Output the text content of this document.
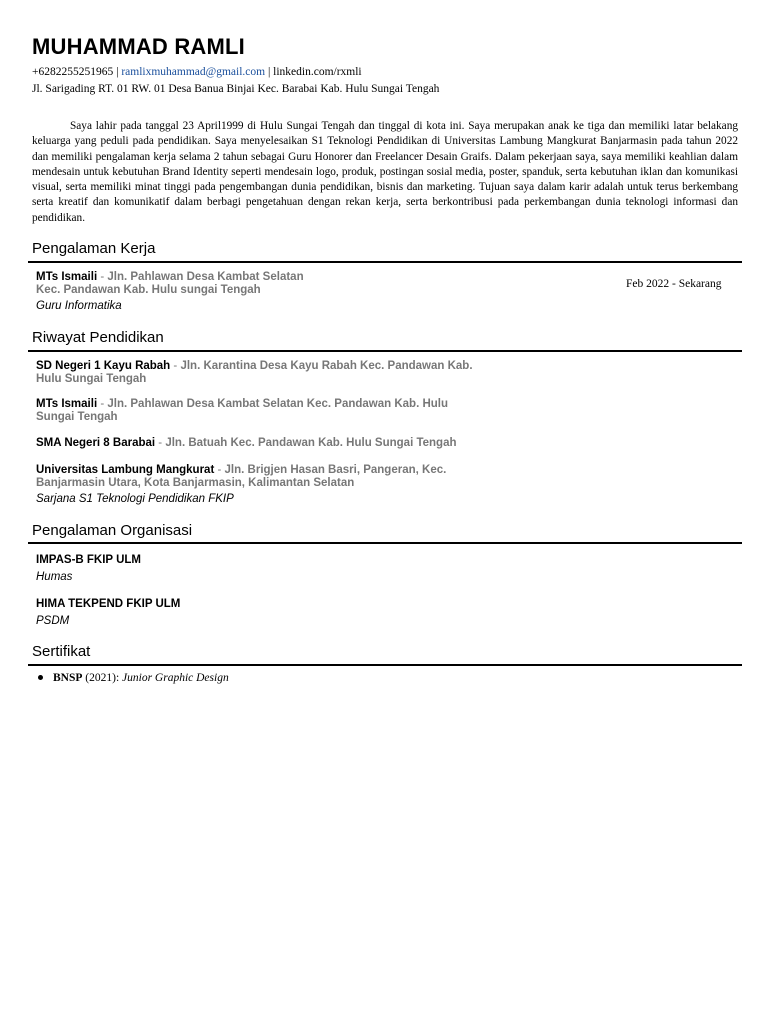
MUHAMMAD RAMLI
+6282255251965 | ramlixmuhammad@gmail.com | linkedin.com/rxmli
Jl. Sarigading RT. 01 RW. 01 Desa Banua Binjai Kec. Barabai Kab. Hulu Sungai Tengah

Saya lahir pada tanggal 23 April1999 di Hulu Sungai Tengah dan tinggal di kota ini. Saya merupakan anak ke tiga dan memiliki latar belakang keluarga yang peduli pada pendidikan. Saya menyelesaikan S1 Teknologi Pendidikan di Universitas Lambung Mangkurat Banjarmasin pada tahun 2022 dan memiliki pengalaman kerja selama 2 tahun sebagai Guru Honorer dan Freelancer Desain Graifs. Dalam pekerjaan saya, saya memiliki keahlian dalam mendesain untuk kebutuhan Brand Identity seperti mendesain logo, produk, postingan sosial media, poster, spanduk, serta kebutuhan iklan dan komunikasi visual, serta memiliki minat tinggi pada pengembangan dunia pendidikan, bisnis dan marketing. Tujuan saya dalam karir adalah untuk terus berkembang serta kreatif dan komunikatif dalam berbagi pengetahuan dengan rekan kerja, serta berkontribusi pada perkembangan dunia teknologi informasi dan pendidikan.

Pengalaman Kerja
MTs Ismaili - Jln. Pahlawan Desa Kambat Selatan
Kec. Pandawan Kab. Hulu sungai Tengah	Feb 2022 - Sekarang
Guru Informatika
Riwayat Pendidikan
SD Negeri 1 Kayu Rabah - Jln. Karantina Desa Kayu Rabah Kec. Pandawan Kab.
Hulu Sungai Tengah
MTs Ismaili - Jln. Pahlawan Desa Kambat Selatan Kec. Pandawan Kab. Hulu
Sungai Tengah
SMA Negeri 8 Barabai - Jln. Batuah Kec. Pandawan Kab. Hulu Sungai Tengah
Universitas Lambung Mangkurat - Jln. Brigjen Hasan Basri, Pangeran, Kec.
Banjarmasin Utara, Kota Banjarmasin, Kalimantan Selatan
Sarjana S1 Teknologi Pendidikan FKIP
Pengalaman Organisasi
IMPAS-B FKIP ULM
Humas
HIMA TEKPEND FKIP ULM
PSDM
Sertifikat
BNSP (2021): Junior Graphic Design
